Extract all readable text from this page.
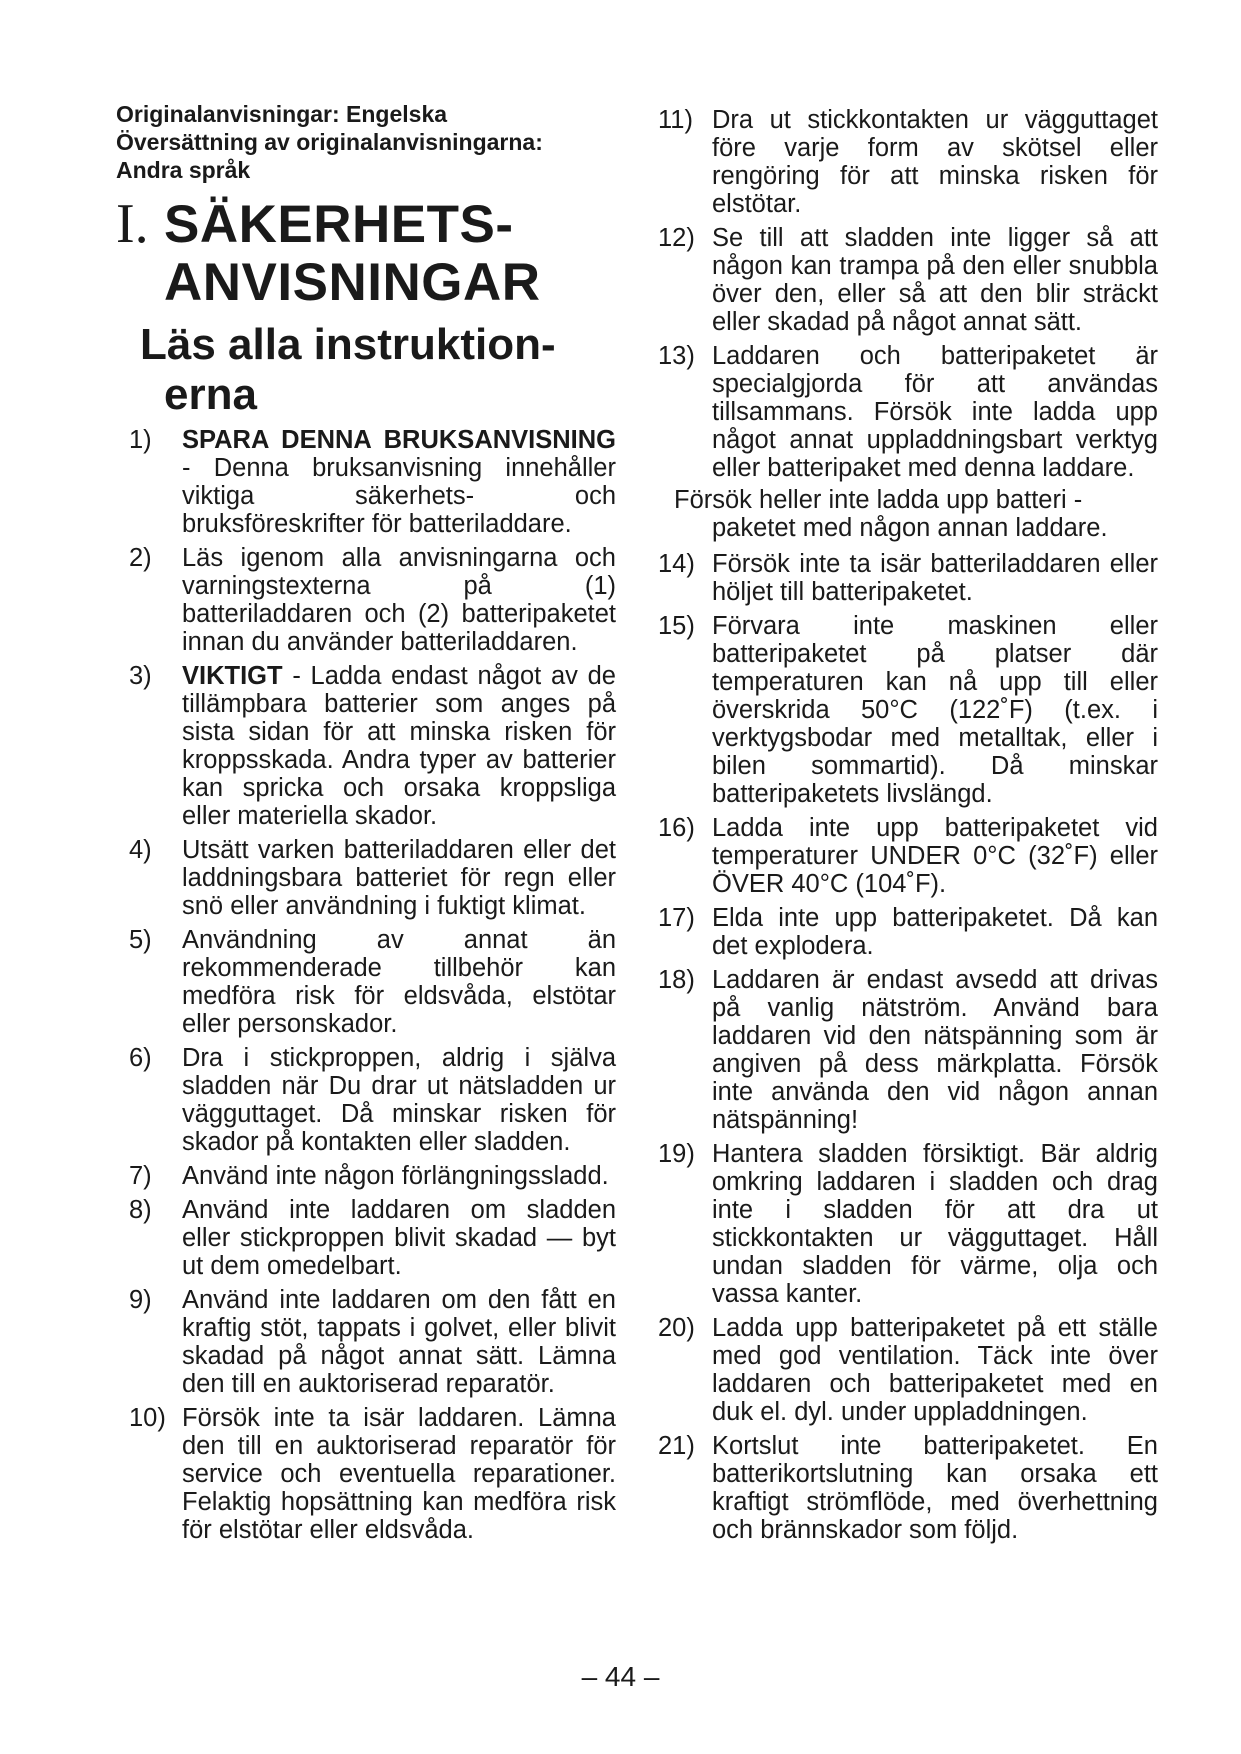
Originalanvisningar: Engelska
Översättning av originalanvisningarna:
Andra språk
I. SÄKERHETS-
ANVISNINGAR
Läs alla instruktion-
erna
1) SPARA DENNA BRUKSANVISNING - Denna bruksanvisning innehåller viktiga säkerhets- och bruksföreskrifter för batteriladdare.
2) Läs igenom alla anvisningarna och varningstexterna på (1) batteriladdaren och (2) batteripaketet innan du använder batteriladdaren.
3) VIKTIGT - Ladda endast något av de tillämpbara batterier som anges på sista sidan för att minska risken för kroppsskada. Andra typer av batterier kan spricka och orsaka kroppsliga eller materiella skador.
4) Utsätt varken batteriladdaren eller det laddningsbara batteriet för regn eller snö eller användning i fuktigt klimat.
5) Användning av annat än rekommenderade tillbehör kan medföra risk för eldsvåda, elstötar eller personskador.
6) Dra i stickproppen, aldrig i själva sladden när Du drar ut nätsladden ur vägguttaget. Då minskar risken för skador på kontakten eller sladden.
7) Använd inte någon förlängningssladd.
8) Använd inte laddaren om sladden eller stickproppen blivit skadad — byt ut dem omedelbart.
9) Använd inte laddaren om den fått en kraftig stöt, tappats i golvet, eller blivit skadad på något annat sätt. Lämna den till en auktoriserad reparatör.
10) Försök inte ta isär laddaren. Lämna den till en auktoriserad reparatör för service och eventuella reparationer. Felaktig hopsättning kan medföra risk för elstötar eller eldsvåda.
11) Dra ut stickkontakten ur vägguttaget före varje form av skötsel eller rengöring för att minska risken för elstötar.
12) Se till att sladden inte ligger så att någon kan trampa på den eller snubbla över den, eller så att den blir sträckt eller skadad på något annat sätt.
13) Laddaren och batteripaketet är specialgjorda för att användas tillsammans. Försök inte ladda upp något annat uppladdningsbart verktyg eller batteripaket med denna laddare.
Försök heller inte ladda upp batteri -
paketet med någon annan laddare.
14) Försök inte ta isär batteriladdaren eller höljet till batteripaketet.
15) Förvara inte maskinen eller batteripaketet på platser där temperaturen kan nå upp till eller överskrida 50°C (122˚F) (t.ex. i verktygsbodar med metalltak, eller i bilen sommartid). Då minskar batteripaketets livslängd.
16) Ladda inte upp batteripaketet vid temperaturer UNDER 0°C (32˚F) eller ÖVER 40°C (104˚F).
17) Elda inte upp batteripaketet. Då kan det explodera.
18) Laddaren är endast avsedd att drivas på vanlig nätström. Använd bara laddaren vid den nätspänning som är angiven på dess märkplatta. Försök inte använda den vid någon annan nätspänning!
19) Hantera sladden försiktigt. Bär aldrig omkring laddaren i sladden och drag inte i sladden för att dra ut stickkontakten ur vägguttaget. Håll undan sladden för värme, olja och vassa kanter.
20) Ladda upp batteripaketet på ett ställe med god ventilation. Täck inte över laddaren och batteripaketet med en duk el. dyl. under uppladdningen.
21) Kortslut inte batteripaketet. En batterikortslutning kan orsaka ett kraftigt strömflöde, med överhettning och brännskador som följd.
– 44 –
